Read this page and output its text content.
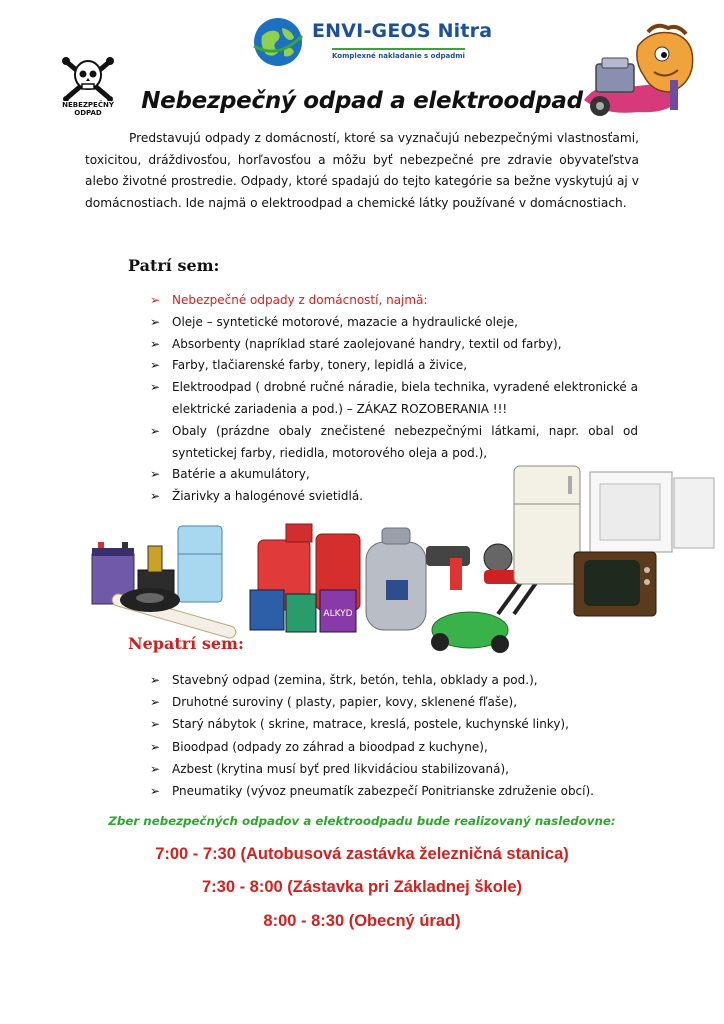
ENVI-GEOS Nitra
Komplexné nakladanie s odpadmi
NEBEZPEČNÝ
ODPAD	Nebezpečný odpad a elektroodpad

Predstavujú odpady z domácností, ktoré sa vyznačujú nebezpečnými vlastnosťami, toxicitou, dráždivosťou, horľavosťou a môžu byť nebezpečné pre zdravie obyvateľstva alebo životné prostredie. Odpady, ktoré spadajú do tejto kategórie sa bežne vyskytujú aj v domácnostiach. Ide najmä o elektroodpad a chemické látky používané v domácnostiach.

Patrí sem:
➢ Nebezpečné odpady z domácností, najmä:
➢ Oleje – syntetické motorové, mazacie a hydraulické oleje,
➢ Absorbenty (napríklad staré zaolejované handry, textil od farby),
➢ Farby, tlačiarenské farby, tonery, lepidlá a živice,
➢ Elektroodpad ( drobné ručné náradie, biela technika, vyradené elektronické a elektrické zariadenia a pod.) – ZÁKAZ ROZOBERANIA !!!
➢ Obaly (prázdne obaly znečistené nebezpečnými látkami, napr. obal od syntetickej farby, riedidla, motorového oleja a pod.),
➢ Batérie a akumulátory,
➢ Žiarivky a halogénové svietidlá.
ALKYD
Nepatrí sem:
➢ Stavebný odpad (zemina, štrk, betón, tehla, obklady a pod.),
➢ Druhotné suroviny ( plasty, papier, kovy, sklenené fľaše),
➢ Starý nábytok ( skrine, matrace, kreslá, postele, kuchynské linky),
➢ Bioodpad (odpady zo záhrad a bioodpad z kuchyne),
➢ Azbest (krytina musí byť pred likvidáciou stabilizovaná),
➢ Pneumatiky (vývoz pneumatík zabezpečí Ponitrianske združenie obcí).
Zber nebezpečných odpadov a elektroodpadu bude realizovaný nasledovne:
7:00 - 7:30 (Autobusová zastávka železničná stanica)
7:30 - 8:00 (Zástavka pri Základnej škole)
8:00 - 8:30 (Obecný úrad)
